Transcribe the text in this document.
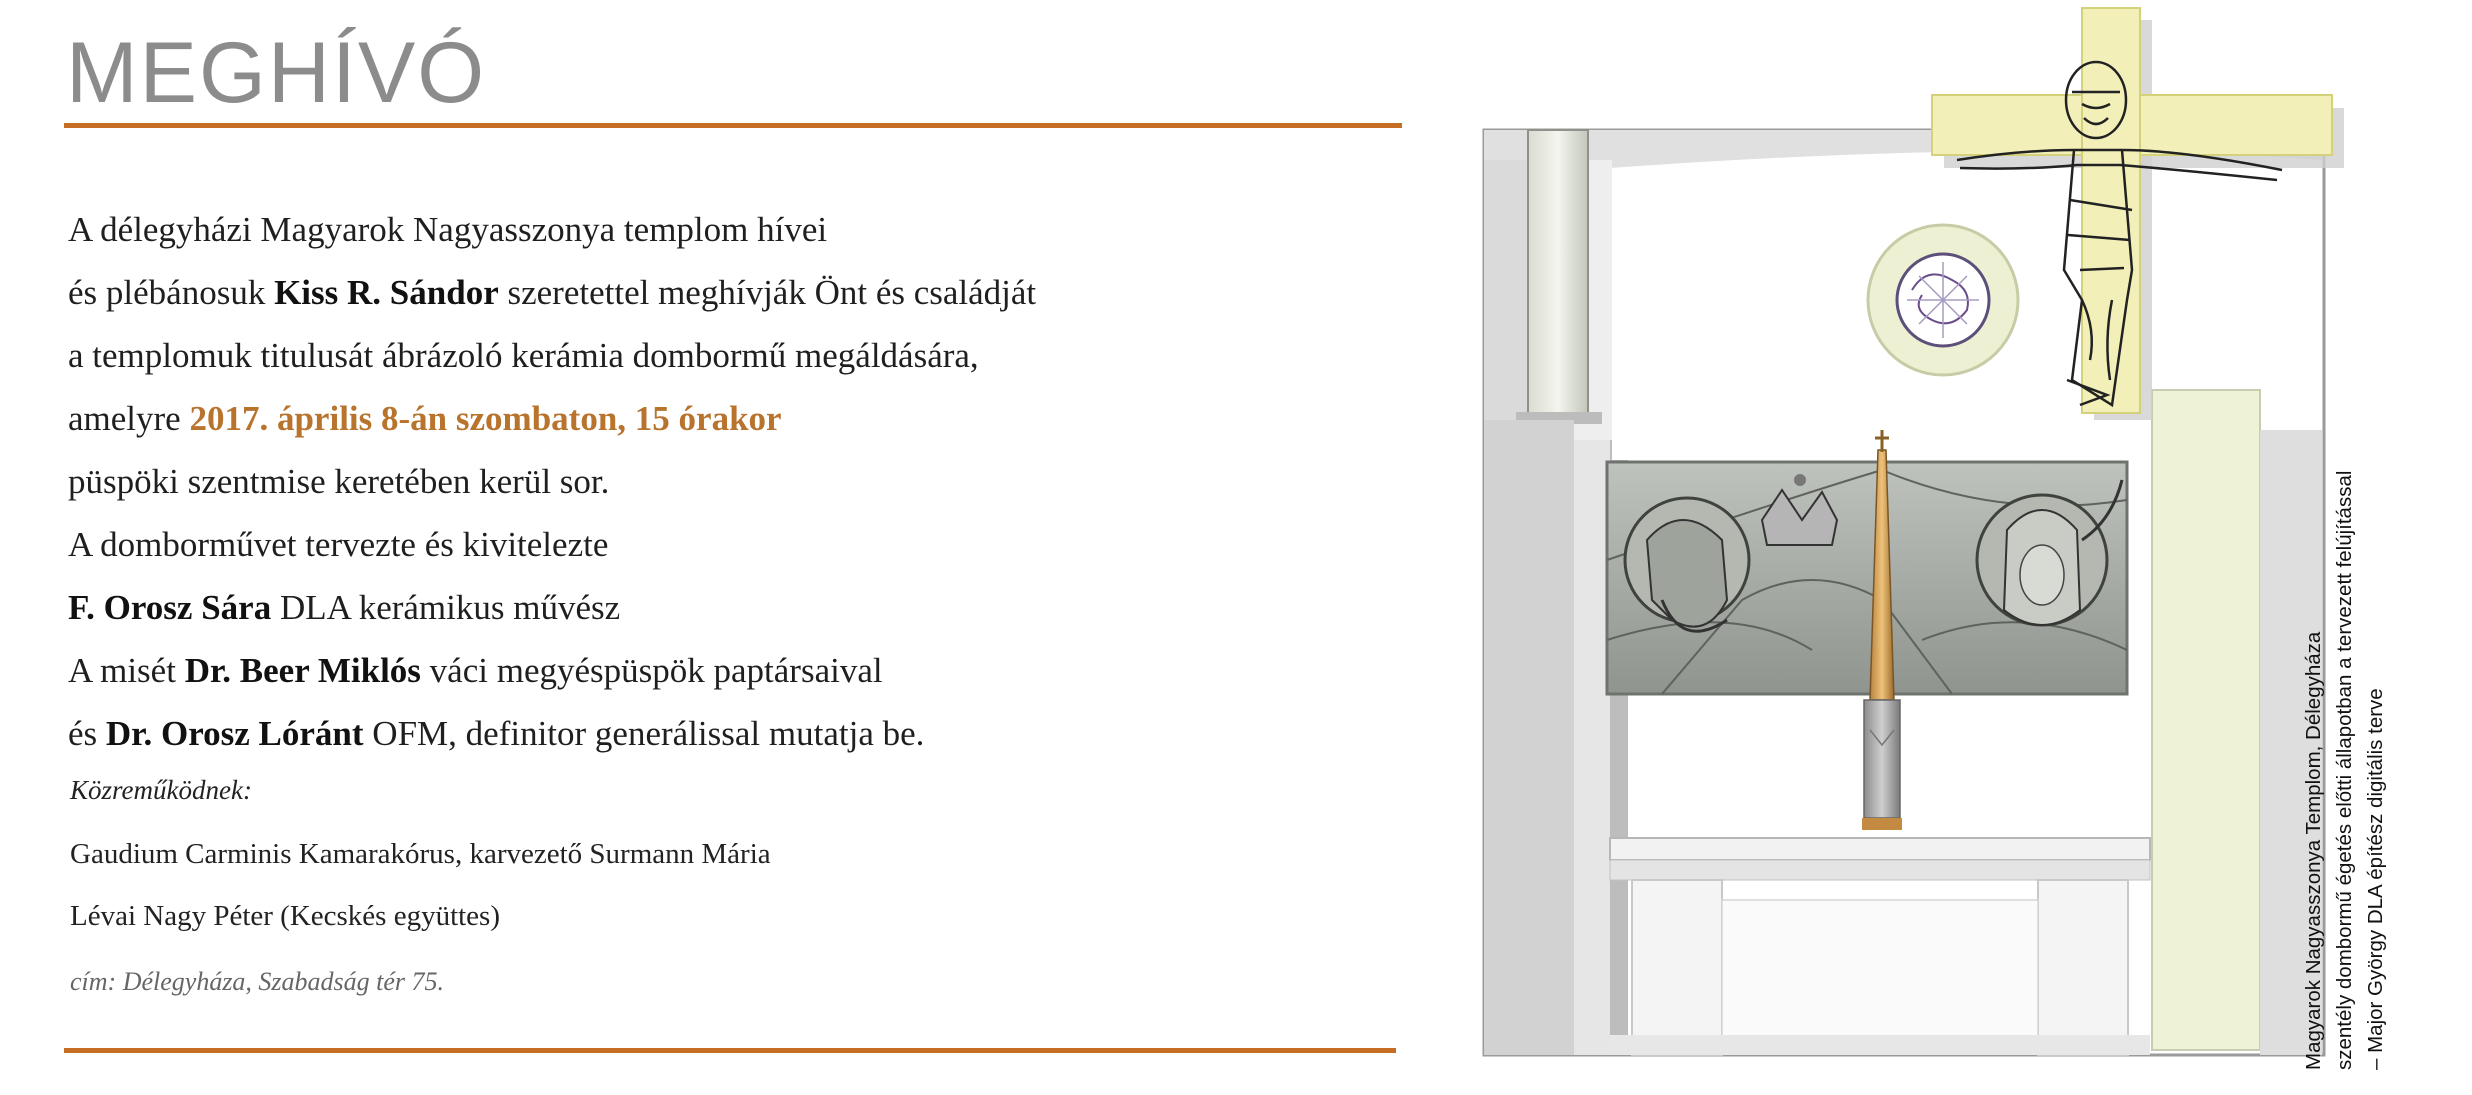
MEGHÍVÓ
A délegyházi Magyarok Nagyasszonya templom hívei
és plébánosuk Kiss R. Sándor szeretettel meghívják Önt és családját
a templomuk titulusát ábrázoló kerámia dombormű megáldására,
amelyre 2017. április 8-án szombaton, 15 órakor
püspöki szentmise keretében kerül sor.
A domborművet tervezte és kivitelezte
F. Orosz Sára DLA kerámikus művész
A misét Dr. Beer Miklós váci megyéspüspök paptársaival
és Dr. Orosz Lóránt OFM, definitor generálissal mutatja be.
Közreműködnek:
Gaudium Carminis Kamarakórus, karvezető Surmann Mária
Lévai Nagy Péter (Kecskés együttes)
cím: Délegyháza, Szabadság tér 75.	Magyarok Nagyasszonya Templom, Délegyháza szentély dombormű égetés előtti állapotban a tervezett felújítással – Major György DLA építész digitális terve
